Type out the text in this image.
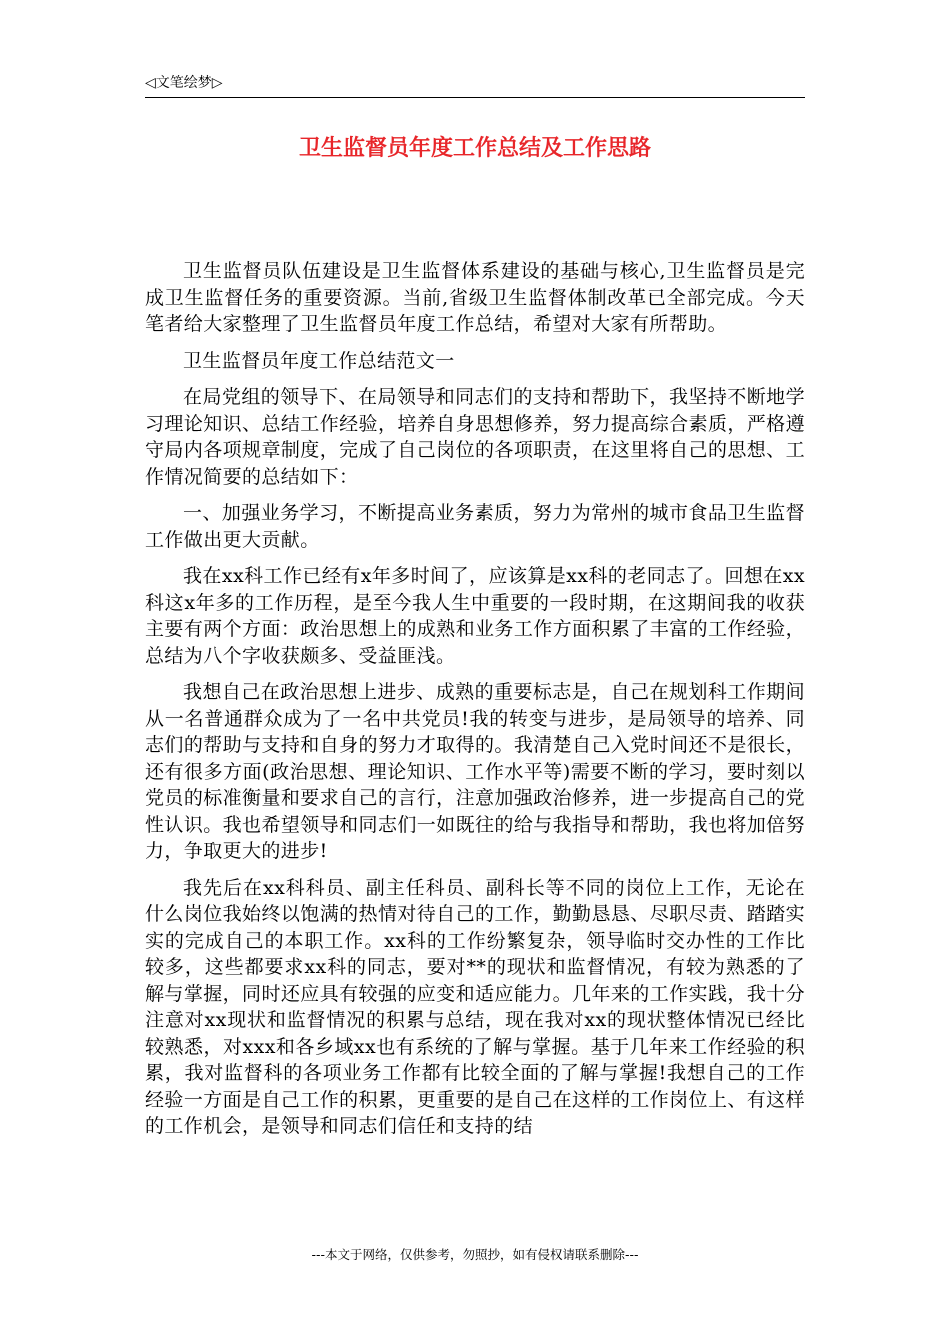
◁文笔绘梦▷
卫生监督员年度工作总结及工作思路

卫生监督员队伍建设是卫生监督体系建设的基础与核心,卫生监督员是完成卫生监督任务的重要资源。当前,省级卫生监督体制改革已全部完成。今天笔者给大家整理了卫生监督员年度工作总结，希望对大家有所帮助。

卫生监督员年度工作总结范文一

在局党组的领导下、在局领导和同志们的支持和帮助下，我坚持不断地学习理论知识、总结工作经验，培养自身思想修养，努力提高综合素质，严格遵守局内各项规章制度，完成了自己岗位的各项职责，在这里将自己的思想、工作情况简要的总结如下：

一、加强业务学习，不断提高业务素质，努力为常州的城市食品卫生监督工作做出更大贡献。

我在xx科工作已经有x年多时间了，应该算是xx科的老同志了。回想在xx科这x年多的工作历程，是至今我人生中重要的一段时期，在这期间我的收获主要有两个方面：政治思想上的成熟和业务工作方面积累了丰富的工作经验，总结为八个字收获颇多、受益匪浅。

我想自己在政治思想上进步、成熟的重要标志是，自己在规划科工作期间从一名普通群众成为了一名中共党员!我的转变与进步，是局领导的培养、同志们的帮助与支持和自身的努力才取得的。我清楚自己入党时间还不是很长，还有很多方面(政治思想、理论知识、工作水平等)需要不断的学习，要时刻以党员的标准衡量和要求自己的言行，注意加强政治修养，进一步提高自己的党性认识。我也希望领导和同志们一如既往的给与我指导和帮助，我也将加倍努力，争取更大的进步!

我先后在xx科科员、副主任科员、副科长等不同的岗位上工作，无论在什么岗位我始终以饱满的热情对待自己的工作，勤勤恳恳、尽职尽责、踏踏实实的完成自己的本职工作。xx科的工作纷繁复杂，领导临时交办性的工作比较多，这些都要求xx科的同志，要对**的现状和监督情况，有较为熟悉的了解与掌握，同时还应具有较强的应变和适应能力。几年来的工作实践，我十分注意对xx现状和监督情况的积累与总结，现在我对xx的现状整体情况已经比较熟悉，对xxx和各乡域xx也有系统的了解与掌握。基于几年来工作经验的积累，我对监督科的各项业务工作都有比较全面的了解与掌握!我想自己的工作经验一方面是自己工作的积累，更重要的是自己在这样的工作岗位上、有这样的工作机会，是领导和同志们信任和支持的结

---本文于网络，仅供参考，勿照抄，如有侵权请联系删除---
